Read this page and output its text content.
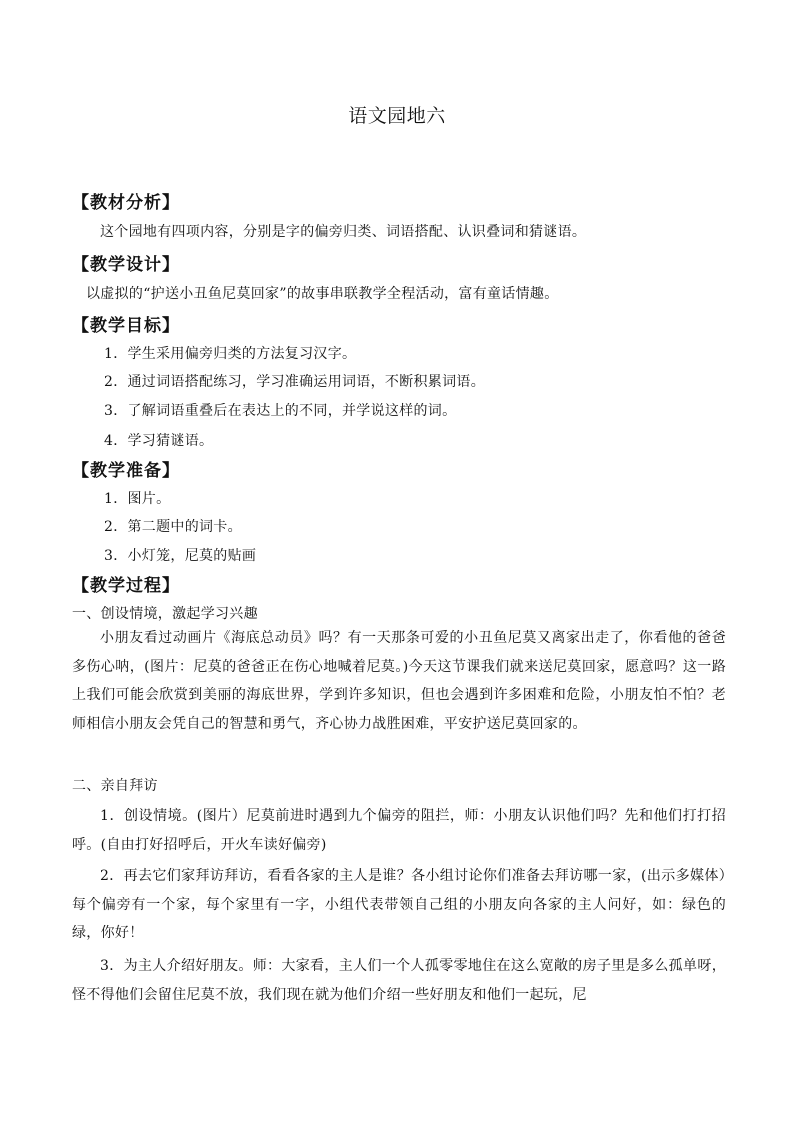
语文园地六
【教材分析】
这个园地有四项内容，分别是字的偏旁归类、词语搭配、认识叠词和猜谜语。
【教学设计】
以虚拟的“护送小丑鱼尼莫回家”的故事串联教学全程活动，富有童话情趣。
【教学目标】
1．学生采用偏旁归类的方法复习汉字。
2．通过词语搭配练习，学习准确运用词语，不断积累词语。
3．了解词语重叠后在表达上的不同，并学说这样的词。
4．学习猜谜语。
【教学准备】
1．图片。
2．第二题中的词卡。
3．小灯笼，尼莫的贴画
【教学过程】
一、创设情境，激起学习兴趣
小朋友看过动画片《海底总动员》吗？有一天那条可爱的小丑鱼尼莫又离家出走了，你看他的爸爸多伤心呐，(图片：尼莫的爸爸正在伤心地喊着尼莫。)今天这节课我们就来送尼莫回家，愿意吗？这一路上我们可能会欣赏到美丽的海底世界，学到许多知识，但也会遇到许多困难和危险，小朋友怕不怕？老师相信小朋友会凭自己的智慧和勇气，齐心协力战胜困难，平安护送尼莫回家的。
二、亲自拜访
1．创设情境。(图片）尼莫前进时遇到九个偏旁的阻拦，师：小朋友认识他们吗？先和他们打打招呼。(自由打好招呼后，开火车读好偏旁)
2．再去它们家拜访拜访，看看各家的主人是谁？各小组讨论你们准备去拜访哪一家，(出示多媒体）每个偏旁有一个家，每个家里有一字，小组代表带领自己组的小朋友向各家的主人问好，如：绿色的绿，你好！
3．为主人介绍好朋友。师：大家看，主人们一个人孤零零地住在这么宽敞的房子里是多么孤单呀，怪不得他们会留住尼莫不放，我们现在就为他们介绍一些好朋友和他们一起玩，尼
